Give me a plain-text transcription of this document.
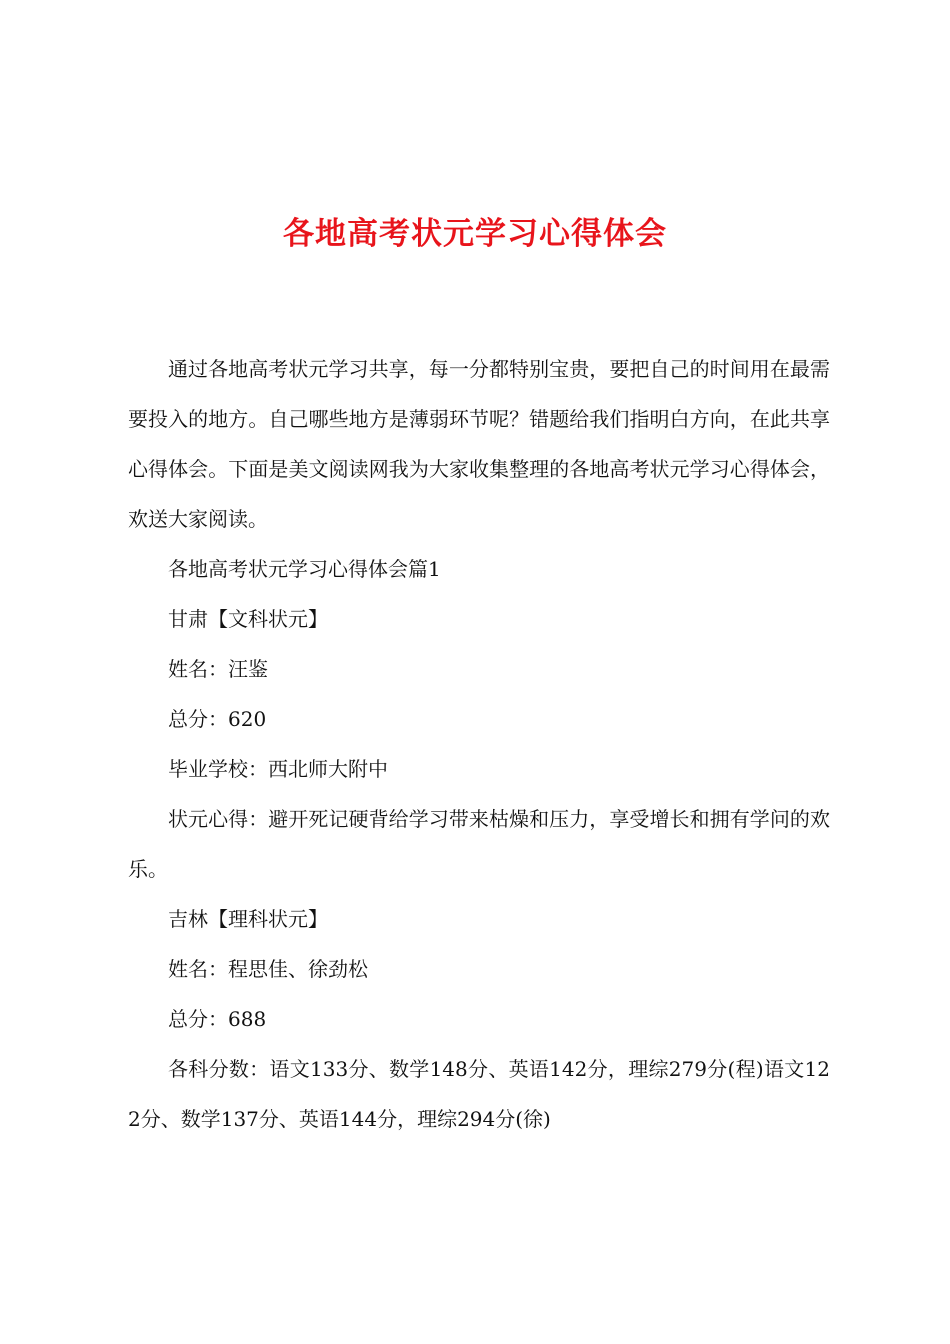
各地高考状元学习心得体会

通过各地高考状元学习共享，每一分都特别宝贵，要把自己的时间用在最需要投入的地方。自己哪些地方是薄弱环节呢？错题给我们指明白方向，在此共享心得体会。下面是美文阅读网我为大家收集整理的各地高考状元学习心得体会，欢送大家阅读。

各地高考状元学习心得体会篇1

甘肃【文科状元】

姓名：汪鉴

总分：620

毕业学校：西北师大附中

状元心得：避开死记硬背给学习带来枯燥和压力，享受增长和拥有学问的欢乐。

吉林【理科状元】

姓名：程思佳、徐劲松

总分：688

各科分数：语文133分、数学148分、英语142分，理综279分(程)语文122分、数学137分、英语144分，理综294分(徐)
